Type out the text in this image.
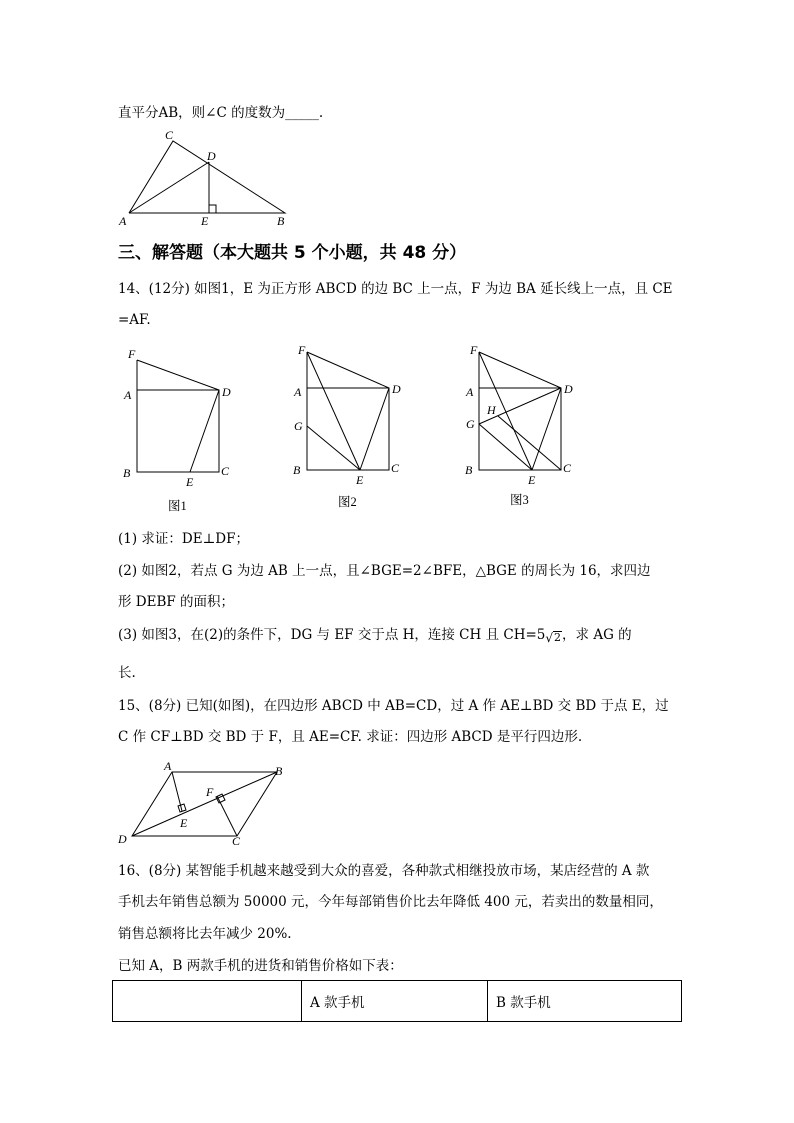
直平分AB，则∠C 的度数为_____.
C
D
A	E	B
三、解答题（本大题共 5 个小题，共 48 分）
14、(12分) 如图1，E 为正方形 ABCD 的边 BC 上一点，F 为边 BA 延长线上一点，且 CE
=AF.
F
A	D
B
E
C
图1
F
A	D
G
B
E
C
图2
F
A	D
H
G
B
E
C
图3
(1) 求证：DE⊥DF；
(2) 如图2，若点 G 为边 AB 上一点，且∠BGE=2∠BFE，△BGE 的周长为 16，求四边
形 DEBF 的面积；
(3) 如图3，在(2)的条件下，DG 与 EF 交于点 H，连接 CH 且 CH=5√2，求 AG 的
长.
15、(8分) 已知(如图)，在四边形 ABCD 中 AB=CD，过 A 作 AE⊥BD 交 BD 于点 E，过
C 作 CF⊥BD 交 BD 于 F，且 AE=CF. 求证：四边形 ABCD 是平行四边形.
A	B
F
E
D	C
16、(8分) 某智能手机越来越受到大众的喜爱，各种款式相继投放市场，某店经营的 A 款
手机去年销售总额为 50000 元，今年每部销售价比去年降低 400 元，若卖出的数量相同，
销售总额将比去年减少 20%.
已知 A，B 两款手机的进货和销售价格如下表：
	A 款手机	B 款手机
